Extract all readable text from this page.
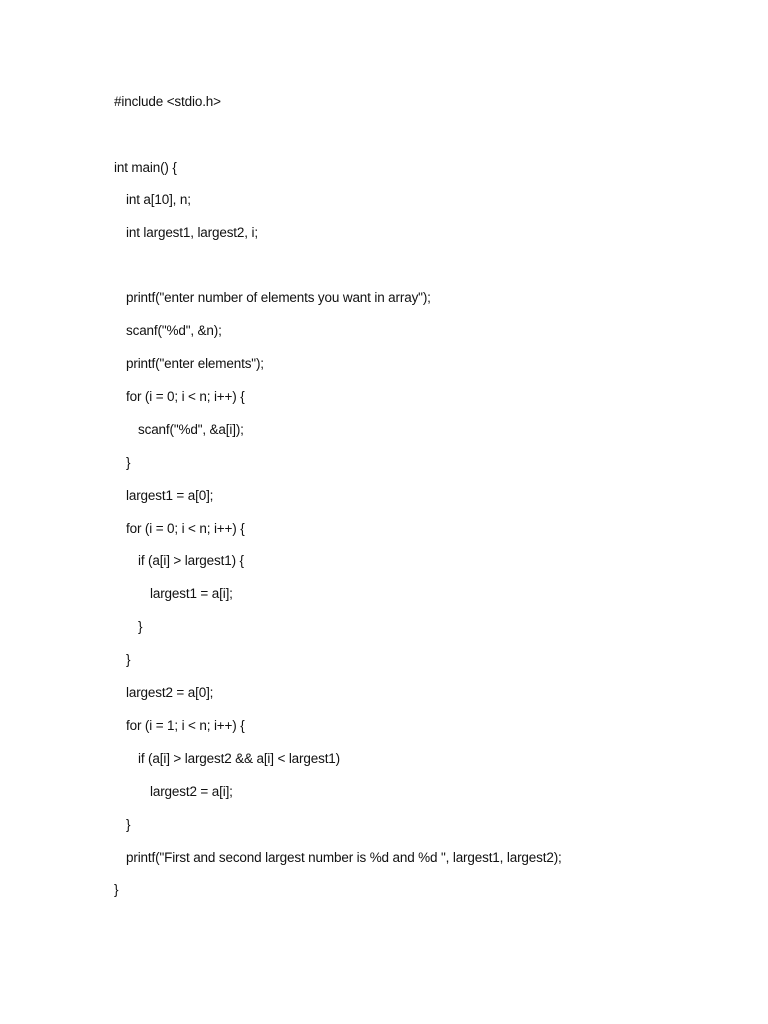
#include <stdio.h>
int main() {
int a[10], n;
int largest1, largest2, i;
printf("enter number of elements you want in array");
scanf("%d", &n);
printf("enter elements");
for (i = 0; i < n; i++) {
scanf("%d", &a[i]);
}
largest1 = a[0];
for (i = 0; i < n; i++) {
if (a[i] > largest1) {
largest1 = a[i];
}
}
largest2 = a[0];
for (i = 1; i < n; i++) {
if (a[i] > largest2 && a[i] < largest1)
largest2 = a[i];
}
printf("First and second largest number is %d and %d ", largest1, largest2);
}
